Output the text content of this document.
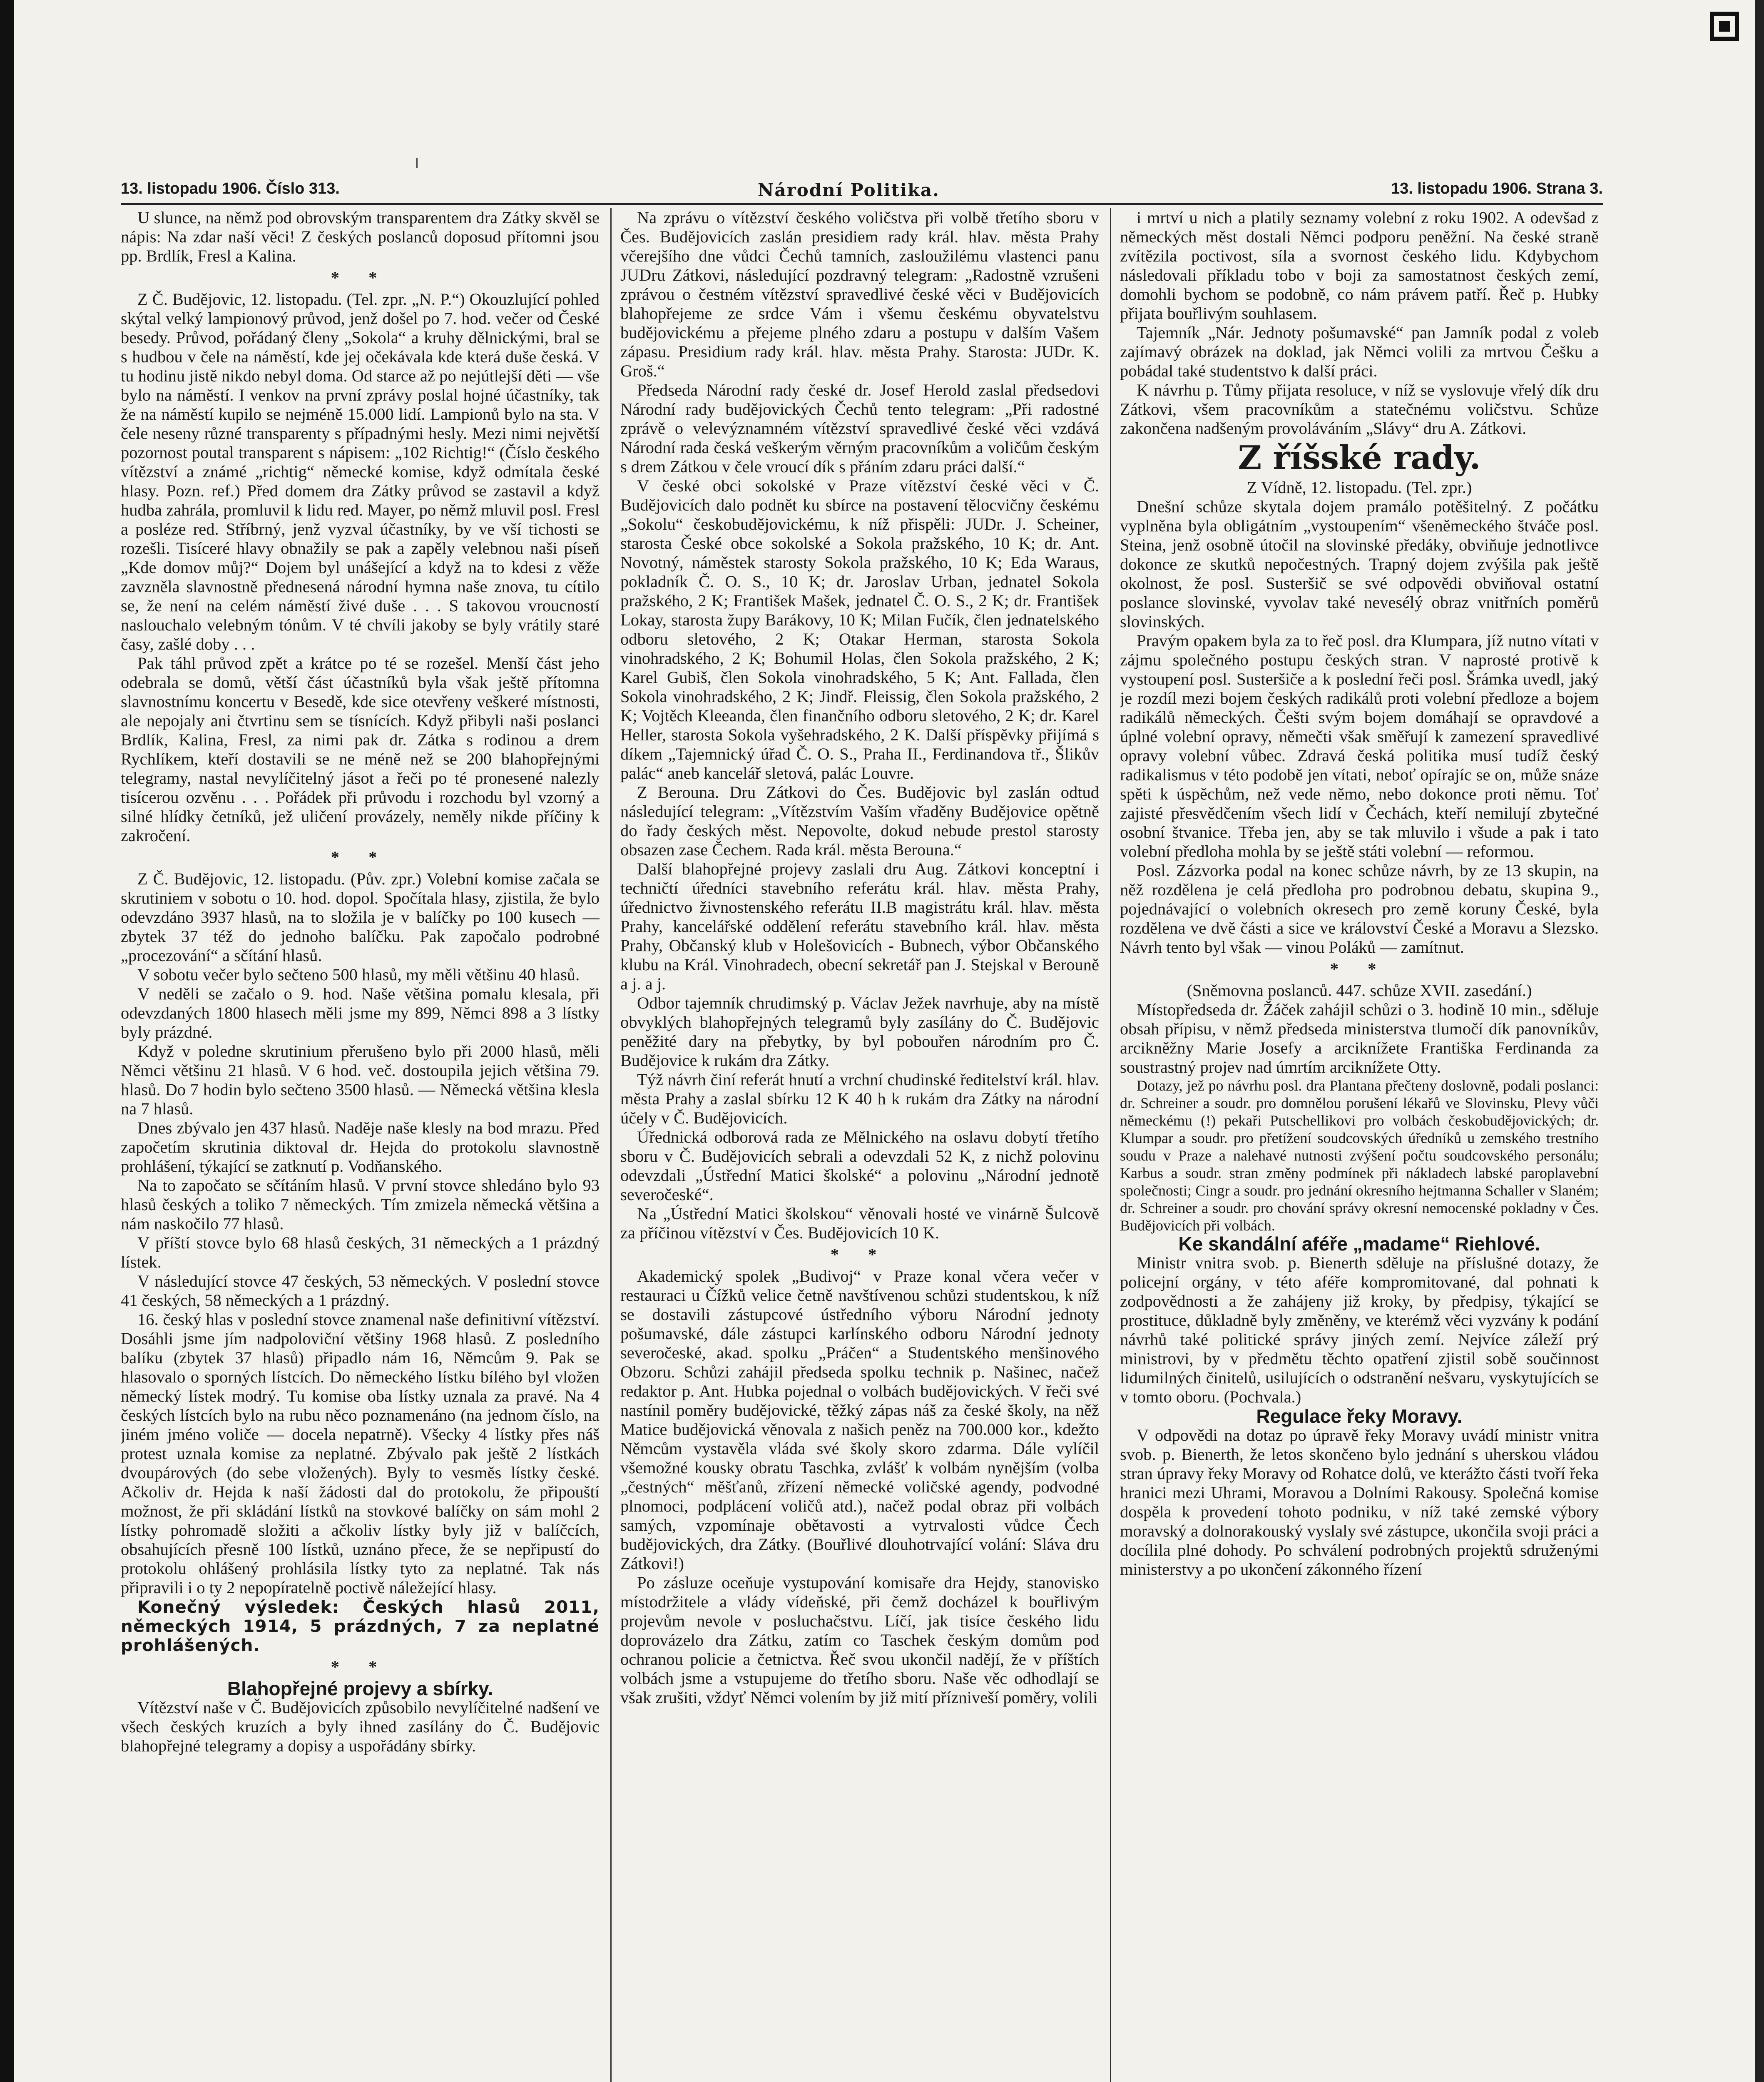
13. listopadu 1906. Číslo 313.	Národní Politika.	13. listopadu 1906. Strana 3.

U slunce, na němž pod obrovským transparentem dra Zátky skvěl se nápis: Na zdar naší věci! Z českých poslanců doposud přítomni jsou pp. Brdlík, Fresl a Kalina.

* *

Z Č. Budějovic, 12. listopadu. (Tel. zpr. „N. P.“) Okouzlující pohled skýtal velký lampionový průvod, jenž došel po 7. hod. večer od České besedy. Průvod, pořádaný členy „Sokola“ a kruhy dělnickými, bral se s hudbou v čele na náměstí, kde jej očekávala kde která duše česká. V tu hodinu jistě nikdo nebyl doma. Od starce až po nejútlejší děti — vše bylo na náměstí. I venkov na první zprávy poslal hojné účastníky, tak že na náměstí kupilo se nejméně 15.000 lidí. Lampionů bylo na sta. V čele neseny různé transparenty s případnými hesly. Mezi nimi největší pozornost poutal transparent s nápisem: „102 Richtig!“ (Číslo českého vítězství a známé „richtig“ německé komise, když odmítala české hlasy. Pozn. ref.) Před domem dra Zátky průvod se zastavil a když hudba zahrála, promluvil k lidu red. Mayer, po němž mluvil posl. Fresl a posléze red. Stříbrný, jenž vyzval účastníky, by ve vší tichosti se rozešli. Tisíceré hlavy obnažily se pak a zapěly velebnou naši píseň „Kde domov můj?“ Dojem byl unášející a když na to kdesi z věže zavzněla slavnostně přednesená národní hymna naše znova, tu cítilo se, že není na celém náměstí živé duše . . . S takovou vroucností naslouchalo velebným tónům. V té chvíli jakoby se byly vrátily staré časy, zašlé doby . . .

Pak táhl průvod zpět a krátce po té se rozešel. Menší část jeho odebrala se domů, větší část účastníků byla však ještě přítomna slavnostnímu koncertu v Besedě, kde sice otevřeny veškeré místnosti, ale nepojaly ani čtvrtinu sem se tísnících. Když přibyli naši poslanci Brdlík, Kalina, Fresl, za nimi pak dr. Zátka s rodinou a drem Rychlíkem, kteří dostavili se ne méně než se 200 blahopřejnými telegramy, nastal nevylíčitelný jásot a řeči po té pronesené nalezly tisícerou ozvěnu . . . Pořádek při průvodu i rozchodu byl vzorný a silné hlídky četníků, jež uličení provázely, neměly nikde příčiny k zakročení.

* *

Z Č. Budějovic, 12. listopadu. (Pův. zpr.) Volební komise začala se skrutiniem v sobotu o 10. hod. dopol. Spočítala hlasy, zjistila, že bylo odevzdáno 3937 hlasů, na to složila je v balíčky po 100 kusech — zbytek 37 též do jednoho balíčku. Pak započalo podrobné „procezování“ a sčítání hlasů.

V sobotu večer bylo sečteno 500 hlasů, my měli většinu 40 hlasů.

V neděli se začalo o 9. hod. Naše většina pomalu klesala, při odevzdaných 1800 hlasech měli jsme my 899, Němci 898 a 3 lístky byly prázdné.

Když v poledne skrutinium přerušeno bylo při 2000 hlasů, měli Němci většinu 21 hlasů. V 6 hod. več. dostoupila jejich většina 79. hlasů. Do 7 hodin bylo sečteno 3500 hlasů. — Německá většina klesla na 7 hlasů.

Dnes zbývalo jen 437 hlasů. Naděje naše klesly na bod mrazu. Před započetím skrutinia diktoval dr. Hejda do protokolu slavnostně prohlášení, týkající se zatknutí p. Vodňanského.

Na to započato se sčítáním hlasů. V první stovce shledáno bylo 93 hlasů českých a toliko 7 německých. Tím zmizela německá většina a nám naskočilo 77 hlasů.

V příští stovce bylo 68 hlasů českých, 31 německých a 1 prázdný lístek.

V následující stovce 47 českých, 53 německých. V poslední stovce 41 českých, 58 německých a 1 prázdný.

16. český hlas v poslední stovce znamenal naše definitivní vítězství. Dosáhli jsme jím nadpoloviční většiny 1968 hlasů. Z posledního balíku (zbytek 37 hlasů) připadlo nám 16, Němcům 9. Pak se hlasovalo o sporných lístcích. Do německého lístku bílého byl vložen německý lístek modrý. Tu komise oba lístky uznala za pravé. Na 4 českých lístcích bylo na rubu něco poznamenáno (na jednom číslo, na jiném jméno voliče — docela nepatrně). Všecky 4 lístky přes náš protest uznala komise za neplatné. Zbývalo pak ještě 2 lístkách dvoupárových (do sebe vložených). Byly to vesměs lístky české. Ačkoliv dr. Hejda k naší žádosti dal do protokolu, že připouští možnost, že při skládání lístků na stovkové balíčky on sám mohl 2 lístky pohromadě složiti a ačkoliv lístky byly již v balíčcích, obsahujících přesně 100 lístků, uznáno přece, že se nepřipustí do protokolu ohlášený prohlásila lístky tyto za neplatné. Tak nás připravili i o ty 2 nepopíratelně poctivě náležející hlasy.

Konečný výsledek: Českých hlasů 2011, německých 1914, 5 prázdných, 7 za neplatné prohlášených.

* *

Blahopřejné projevy a sbírky.

Vítězství naše v Č. Budějovicích způsobilo nevylíčitelné nadšení ve všech českých kruzích a byly ihned zasílány do Č. Budějovic blahopřejné telegramy a dopisy a uspořádány sbírky.

Na zprávu o vítězství českého voličstva při volbě třetího sboru v Čes. Budějovicích zaslán presidiem rady král. hlav. města Prahy včerejšího dne vůdci Čechů tamních, zasloužilému vlastenci panu JUDru Zátkovi, následující pozdravný telegram: „Radostně vzrušeni zprávou o čestném vítězství spravedlivé české věci v Budějovicích blahopřejeme ze srdce Vám i všemu českému obyvatelstvu budějovickému a přejeme plného zdaru a postupu v dalším Vašem zápasu. Presidium rady král. hlav. města Prahy. Starosta: JUDr. K. Groš.“

Předseda Národní rady české dr. Josef Herold zaslal předsedovi Národní rady budějovických Čechů tento telegram: „Při radostné zprávě o velevýznamném vítězství spravedlivé české věci vzdává Národní rada česká veškerým věrným pracovníkům a voličům českým s drem Zátkou v čele vroucí dík s přáním zdaru práci další.“

V české obci sokolské v Praze vítězství české věci v Č. Budějovicích dalo podnět ku sbírce na postavení tělocvičny českému „Sokolu“ českobudějovickému, k níž přispěli: JUDr. J. Scheiner, starosta České obce sokolské a Sokola pražského, 10 K; dr. Ant. Novotný, náměstek starosty Sokola pražského, 10 K; Eda Waraus, pokladník Č. O. S., 10 K; dr. Jaroslav Urban, jednatel Sokola pražského, 2 K; František Mašek, jednatel Č. O. S., 2 K; dr. František Lokay, starosta župy Barákovy, 10 K; Milan Fučík, člen jednatelského odboru sletového, 2 K; Otakar Herman, starosta Sokola vinohradského, 2 K; Bohumil Holas, člen Sokola pražského, 2 K; Karel Gubiš, člen Sokola vinohradského, 5 K; Ant. Fallada, člen Sokola vinohradského, 2 K; Jindř. Fleissig, člen Sokola pražského, 2 K; Vojtěch Kleeanda, člen finančního odboru sletového, 2 K; dr. Karel Heller, starosta Sokola vyšehradského, 2 K. Další příspěvky přijímá s díkem „Tajemnický úřad Č. O. S., Praha II., Ferdinandova tř., Šlikův palác“ aneb kancelář sletová, palác Louvre.

Z Berouna. Dru Zátkovi do Čes. Budějovic byl zaslán odtud následující telegram: „Vítězstvím Vaším vřaděny Budějovice opětně do řady českých měst. Nepovolte, dokud nebude prestol starosty obsazen zase Čechem. Rada král. města Berouna.“

Další blahopřejné projevy zaslali dru Aug. Zátkovi konceptní i techničtí úředníci stavebního referátu král. hlav. města Prahy, úřednictvo živnostenského referátu II.B magistrátu král. hlav. města Prahy, kancelářské oddělení referátu stavebního král. hlav. města Prahy, Občanský klub v Holešovicích - Bubnech, výbor Občanského klubu na Král. Vinohradech, obecní sekretář pan J. Stejskal v Berouně a j. a j.

Odbor tajemník chrudimský p. Václav Ježek navrhuje, aby na místě obvyklých blahopřejných telegramů byly zasílány do Č. Budějovic peněžité dary na přebytky, by byl pobouřen národním pro Č. Budějovice k rukám dra Zátky.

Týž návrh činí referát hnutí a vrchní chudinské ředitelství král. hlav. města Prahy a zaslal sbírku 12 K 40 h k rukám dra Zátky na národní účely v Č. Budějovicích.

Úřednická odborová rada ze Mělnického na oslavu dobytí třetího sboru v Č. Budějovicích sebrali a odevzdali 52 K, z nichž polovinu odevzdali „Ústřední Matici školské“ a polovinu „Národní jednotě severočeské“.

Na „Ústřední Matici školskou“ věnovali hosté ve vinárně Šulcově za příčinou vítězství v Čes. Budějovicích 10 K.

* *

Akademický spolek „Budivoj“ v Praze konal včera večer v restauraci u Čížků velice četně navštívenou schůzi studentskou, k níž se dostavili zástupcové ústředního výboru Národní jednoty pošumavské, dále zástupci karlínského odboru Národní jednoty severočeské, akad. spolku „Práčen“ a Studentského menšinového Obzoru. Schůzi zahájil předseda spolku technik p. Našinec, načež redaktor p. Ant. Hubka pojednal o volbách budějovických. V řeči své nastínil poměry budějovické, těžký zápas náš za české školy, na něž Matice budějovická věnovala z našich peněz na 700.000 kor., kdežto Němcům vystavěla vláda své školy skoro zdarma. Dále vylíčil všemožné kousky obratu Taschka, zvlášť k volbám nynějším (volba „čestných“ měšťanů, zřízení německé voličské agendy, podvodné plnomoci, podplácení voličů atd.), načež podal obraz při volbách samých, vzpomínaje obětavosti a vytrvalosti vůdce Čech budějovických, dra Zátky. (Bouřlivé dlouhotrvající volání: Sláva dru Zátkovi!)

Po zásluze oceňuje vystupování komisaře dra Hejdy, stanovisko místodržitele a vlády vídeňské, při čemž docházel k bouřlivým projevům nevole v posluchačstvu. Líčí, jak tisíce českého lidu doprovázelo dra Zátku, zatím co Taschek českým domům pod ochranou policie a četnictva. Řeč svou ukončil nadějí, že v příštích volbách jsme a vstupujeme do třetího sboru. Naše věc odhodlají se však zrušiti, vždyť Němci volením by již mití přízniveší poměry, volili

i mrtví u nich a platily seznamy volební z roku 1902. A odevšad z německých měst dostali Němci podporu peněžní. Na české straně zvítězila poctivost, síla a svornost českého lidu. Kdybychom následovali příkladu tobo v boji za samostatnost českých zemí, domohli bychom se podobně, co nám právem patří. Řeč p. Hubky přijata bouřlivým souhlasem.

Tajemník „Nár. Jednoty pošumavské“ pan Jamník podal z voleb zajímavý obrázek na doklad, jak Němci volili za mrtvou Češku a pobádal také studentstvo k další práci.

K návrhu p. Tůmy přijata resoluce, v níž se vyslovuje vřelý dík dru Zátkovi, všem pracovníkům a statečnému voličstvu. Schůze zakončena nadšeným provoláváním „Slávy“ dru A. Zátkovi.

Z říšské rady.

Z Vídně, 12. listopadu. (Tel. zpr.)

Dnešní schůze skytala dojem pramálo potěšitelný. Z počátku vyplněna byla obligátním „vystoupením“ všeněmeckého štváče posl. Steina, jenž osobně útočil na slovinské předáky, obviňuje jednotlivce dokonce ze skutků nepočestných. Trapný dojem zvýšila pak ještě okolnost, že posl. Susteršič se své odpovědi obviňoval ostatní poslance slovinské, vyvolav také nevesélý obraz vnitřních poměrů slovinských.

Pravým opakem byla za to řeč posl. dra Klumpara, jíž nutno vítati v zájmu společného postupu českých stran. V naprosté protivě k vystoupení posl. Susteršiče a k poslední řeči posl. Šrámka uvedl, jaký je rozdíl mezi bojem českých radikálů proti volební předloze a bojem radikálů německých. Češti svým bojem domáhají se opravdové a úplné volební opravy, němečti však směřují k zamezení spravedlivé opravy volební vůbec. Zdravá česká politika musí tudíž český radikalismus v této podobě jen vítati, neboť opírajíc se on, může snáze spěti k úspěchům, než vede němo, nebo dokonce proti němu. Toť zajisté přesvědčením všech lidí v Čechách, kteří nemilují zbytečné osobní štvanice. Třeba jen, aby se tak mluvilo i všude a pak i tato volební předloha mohla by se ještě státi volební — reformou.

Posl. Zázvorka podal na konec schůze návrh, by ze 13 skupin, na něž rozdělena je celá předloha pro podrobnou debatu, skupina 9., pojednávající o volebních okresech pro země koruny České, byla rozdělena ve dvě části a sice ve království České a Moravu a Slezsko. Návrh tento byl však — vinou Poláků — zamítnut.

* *

(Sněmovna poslanců. 447. schůze XVII. zasedání.)

Místopředseda dr. Žáček zahájil schůzi o 3. hodině 10 min., sděluje obsah přípisu, v němž předseda ministerstva tlumočí dík panovníkův, arcikněžny Marie Josefy a arciknížete Františka Ferdinanda za soustrastný projev nad úmrtím arciknížete Otty.

Dotazy, jež po návrhu posl. dra Plantana přečteny doslovně, podali poslanci: dr. Schreiner a soudr. pro domnělou porušení lékařů ve Slovinsku, Plevy vůči německému (!) pekaři Putschellikovi pro volbách českobudějovických; dr. Klumpar a soudr. pro přetížení soudcovských úředníků u zemského trestního soudu v Praze a nalehavé nutnosti zvýšení počtu soudcovského personálu; Karbus a soudr. stran změny podmínek při nákladech labské paroplavební společnosti; Cingr a soudr. pro jednání okresního hejtmanna Schaller v Slaném; dr. Schreiner a soudr. pro chování správy okresní nemocenské pokladny v Čes. Budějovicích při volbách.

Ke skandální aféře „madame“ Riehlové.

Ministr vnitra svob. p. Bienerth sděluje na příslušné dotazy, že policejní orgány, v této aféře kompromitované, dal pohnati k zodpovědnosti a že zahájeny již kroky, by předpisy, týkající se prostituce, důkladně byly změněny, ve kterémž věci vyzvány k podání návrhů také politické správy jiných zemí. Nejvíce záleží prý ministrovi, by v předmětu těchto opatření zjistil sobě součinnost lidumilných činitelů, usilujících o odstranění nešvaru, vyskytujících se v tomto oboru. (Pochvala.)

Regulace řeky Moravy.

V odpovědi na dotaz po úpravě řeky Moravy uvádí ministr vnitra svob. p. Bienerth, že letos skončeno bylo jednání s uherskou vládou stran úpravy řeky Moravy od Rohatce dolů, ve kterážto části tvoří řeka hranici mezi Uhrami, Moravou a Dolními Rakousy. Společná komise dospěla k provedení tohoto podniku, v níž také zemské výbory moravský a dolnorakouský vyslaly své zástupce, ukončila svoji práci a docílila plné dohody. Po schválení podrobných projektů sdruženými ministerstvy a po ukončení zákonného řízení
